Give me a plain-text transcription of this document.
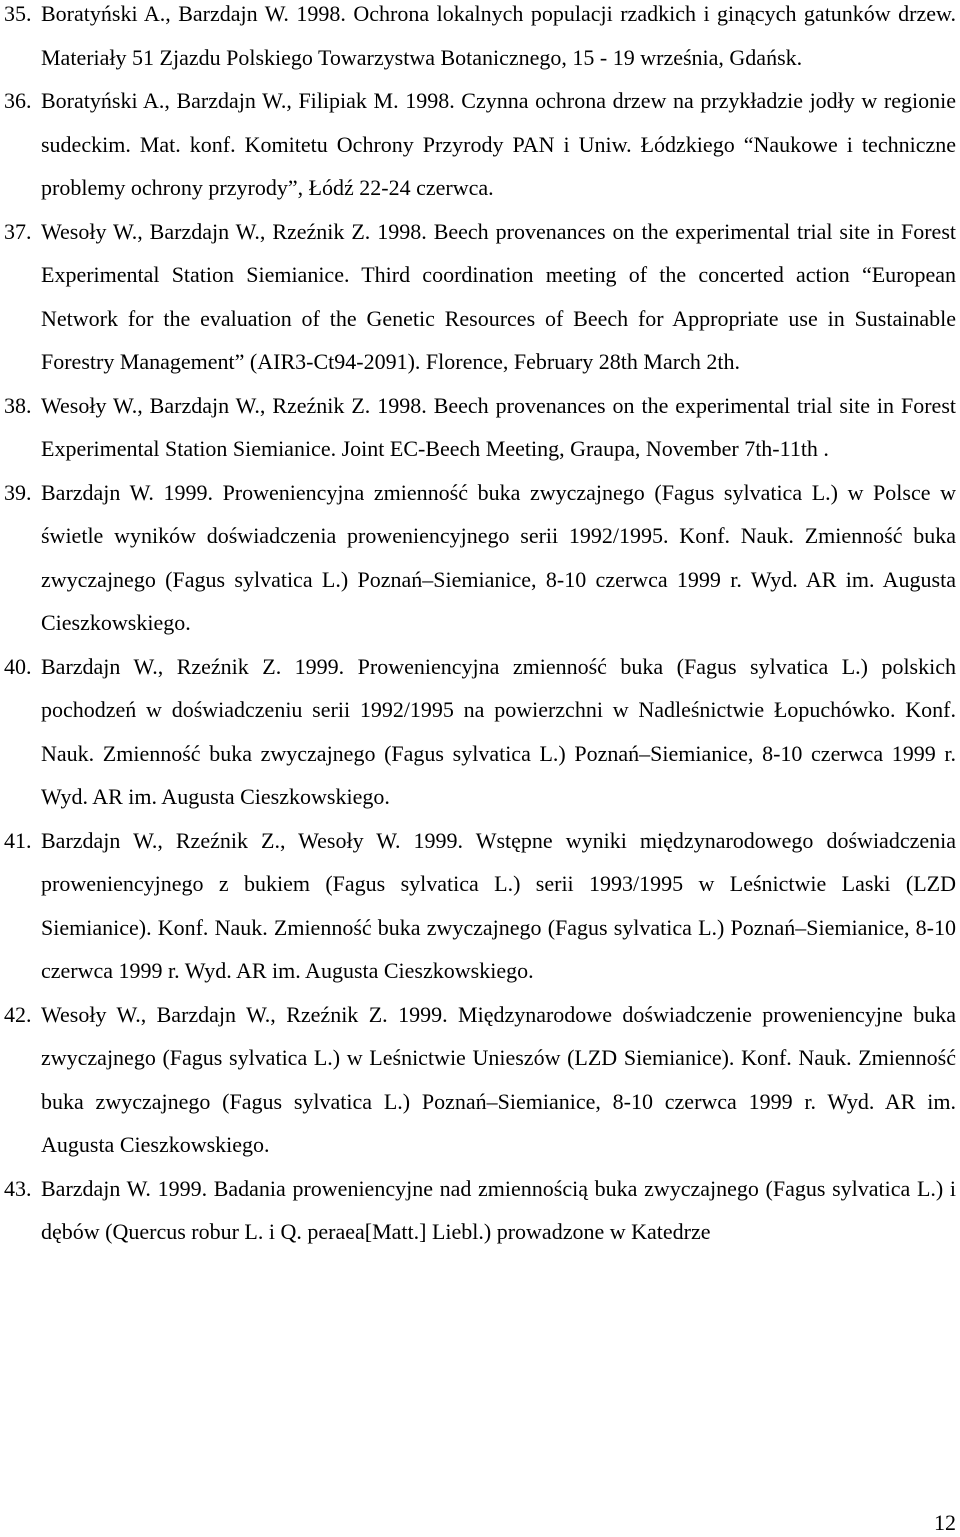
35. Boratyński A., Barzdajn W. 1998. Ochrona lokalnych populacji rzadkich i ginących gatunków drzew. Materiały 51 Zjazdu Polskiego Towarzystwa Botanicznego, 15 - 19 września, Gdańsk.
36. Boratyński A., Barzdajn W., Filipiak M. 1998. Czynna ochrona drzew na przykładzie jodły w regionie sudeckim. Mat. konf. Komitetu Ochrony Przyrody PAN i Uniw. Łódzkiego “Naukowe i techniczne problemy ochrony przyrody”, Łódź 22-24 czerwca.
37. Wesoły W., Barzdajn W., Rzeźnik Z. 1998. Beech provenances on the experimental trial site in Forest Experimental Station Siemianice. Third coordination meeting of the concerted action “European Network for the evaluation of the Genetic Resources of Beech for Appropriate use in Sustainable Forestry Management” (AIR3-Ct94-2091). Florence, February 28th March 2th.
38. Wesoły W., Barzdajn W., Rzeźnik Z. 1998. Beech provenances on the experimental trial site in Forest Experimental Station Siemianice. Joint EC-Beech Meeting, Graupa, November 7th-11th .
39. Barzdajn W. 1999. Proweniencyjna zmienność buka zwyczajnego (Fagus sylvatica L.) w Polsce w świetle wyników doświadczenia proweniencyjnego serii 1992/1995. Konf. Nauk. Zmienność buka zwyczajnego (Fagus sylvatica L.) Poznań–Siemianice, 8-10 czerwca 1999 r. Wyd. AR im. Augusta Cieszkowskiego.
40. Barzdajn W., Rzeźnik Z. 1999. Proweniencyjna zmienność buka (Fagus sylvatica L.) polskich pochodzeń w doświadczeniu serii 1992/1995 na powierzchni w Nadleśnictwie Łopuchówko. Konf. Nauk. Zmienność buka zwyczajnego (Fagus sylvatica L.) Poznań–Siemianice, 8-10 czerwca 1999 r. Wyd. AR im. Augusta Cieszkowskiego.
41. Barzdajn W., Rzeźnik Z., Wesoły W. 1999. Wstępne wyniki międzynarodowego doświadczenia proweniencyjnego z bukiem (Fagus sylvatica L.) serii 1993/1995 w Leśnictwie Laski (LZD Siemianice). Konf. Nauk. Zmienność buka zwyczajnego (Fagus sylvatica L.) Poznań–Siemianice, 8-10 czerwca 1999 r. Wyd. AR im. Augusta Cieszkowskiego.
42. Wesoły W., Barzdajn W., Rzeźnik Z. 1999. Międzynarodowe doświadczenie proweniencyjne buka zwyczajnego (Fagus sylvatica L.) w Leśnictwie Unieszów (LZD Siemianice). Konf. Nauk. Zmienność buka zwyczajnego (Fagus sylvatica L.) Poznań–Siemianice, 8-10 czerwca 1999 r. Wyd. AR im. Augusta Cieszkowskiego.
43. Barzdajn W. 1999. Badania proweniencyjne nad zmiennością buka zwyczajnego (Fagus sylvatica L.) i dębów (Quercus robur L. i Q. peraea[Matt.] Liebl.) prowadzone w Katedrze
12
